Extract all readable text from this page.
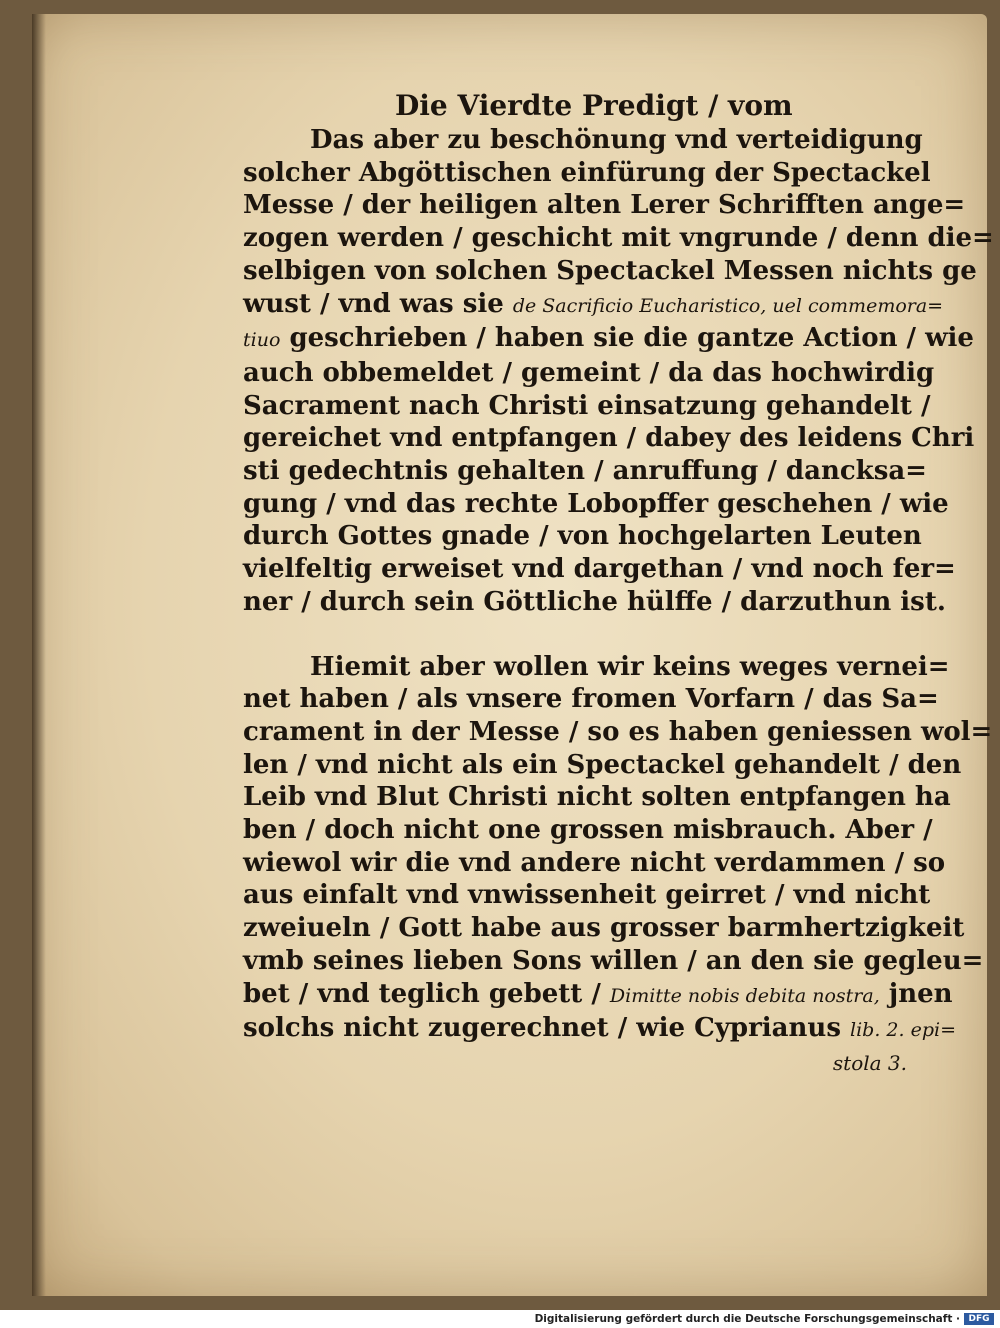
Die Vierdte Predigt / vom
Das aber zu beschönung vnd verteidigung
solcher Abgöttischen einfürung der Spectackel
Messe / der heiligen alten Lerer Schrifften ange=
zogen werden / geschicht mit vngrunde / denn die=
selbigen von solchen Spectackel Messen nichts ge
wust / vnd was sie de Sacrificio Eucharistico, uel commemora=
tiuo geschrieben / haben sie die gantze Action / wie
auch obbemeldet / gemeint / da das hochwirdig
Sacrament nach Christi einsatzung gehandelt /
gereichet vnd entpfangen / dabey des leidens Chri
sti gedechtnis gehalten / anruffung / dancksa=
gung / vnd das rechte Lobopffer geschehen / wie
durch Gottes gnade / von hochgelarten Leuten
vielfeltig erweiset vnd dargethan / vnd noch fer=
ner / durch sein Göttliche hülffe / darzuthun ist.
Hiemit aber wollen wir keins weges vernei=
net haben / als vnsere fromen Vorfarn / das Sa=
crament in der Messe / so es haben geniessen wol=
len / vnd nicht als ein Spectackel gehandelt / den
Leib vnd Blut Christi nicht solten entpfangen ha
ben / doch nicht one grossen misbrauch. Aber /
wiewol wir die vnd andere nicht verdammen / so
aus einfalt vnd vnwissenheit geirret / vnd nicht
zweiueln / Gott habe aus grosser barmhertzigkeit
vmb seines lieben Sons willen / an den sie gegleu=
bet / vnd teglich gebett / Dimitte nobis debita nostra, jnen
solchs nicht zugerechnet / wie Cyprianus lib. 2. epi=
stola 3.
Digitalisierung gefördert durch die Deutsche Forschungsgemeinschaft · DFG
